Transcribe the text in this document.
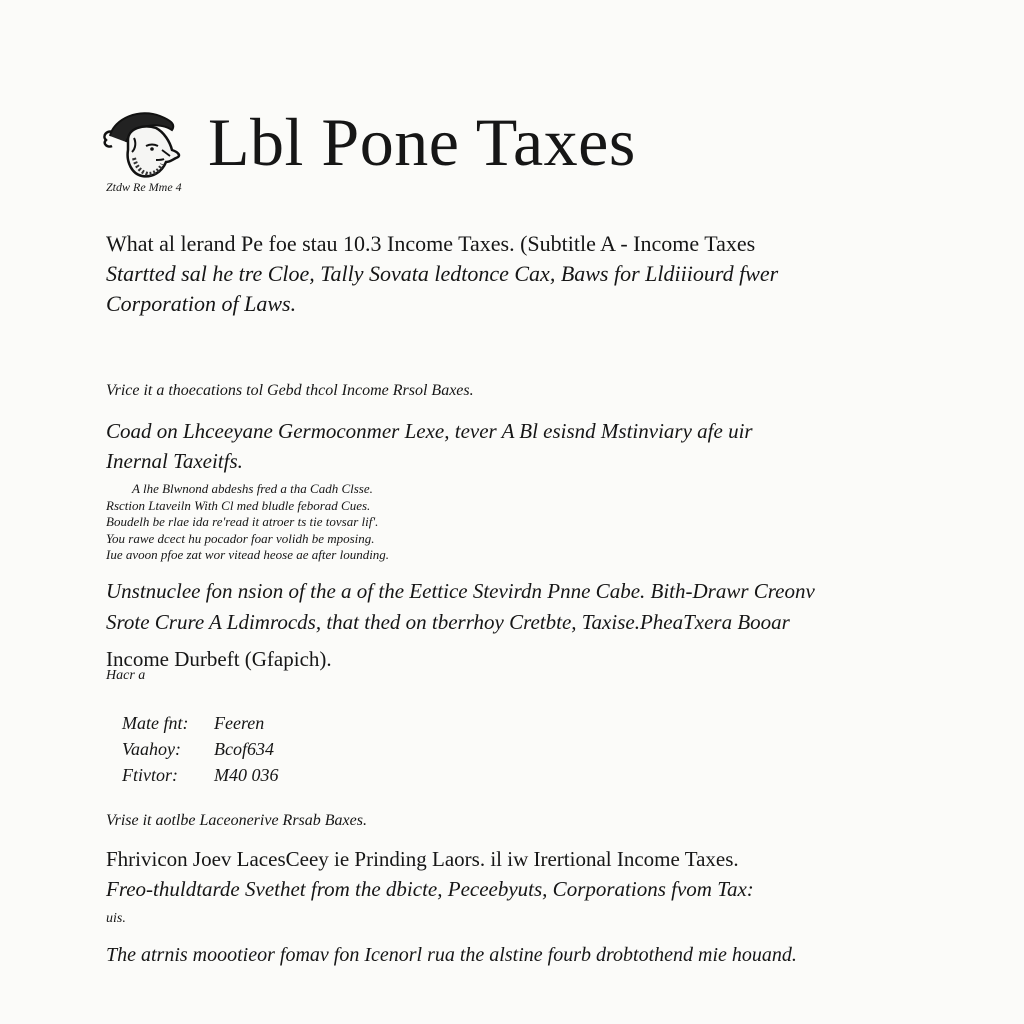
Lbl Pone Taxes
Ztdw Re Mme 4

What al lerand Pe foe stau 10.3 Income Taxes. (Subtitle A - Income Taxes
Startted sal he tre Cloe, Tally Sovata ledtonce Cax, Baws for Lldiiiourd fwer
Corporation of Laws.

Vrice it a thoecations tol Gebd thcol Income Rrsol Baxes.

Coad on Lhceeyane Germoconmer Lexe, tever A Bl esisnd Mstinviary afe uir
Inernal Taxeitfs.

A lhe Blwnond abdeshs fred a tha Cadh Clsse.
Rsction Ltaveiln With Cl med bludle feborad Cues.
Boudelh be rlae ida re'read it atroer ts tie tovsar lif'.
You rawe dcect hu pocador foar volidh be mposing.
Iue avoon pfoe zat wor vitead heose ae after lounding.

Unstnuclee fon nsion of the a of the Eettice Stevirdn Pnne Cabe. Bith-Drawr Creonv
Srote Crure A Ldimrocds, that thed on tberrhoy Cretbte, Taxise.PheaTxera Booar
Income Durbeft (Gfapich).

Hacr a
Mate fnt:	Feeren
Vaahoy:	Bcof634
Ftivtor:	M40 036
Vrise it aotlbe Laceonerive Rrsab Baxes.

Fhrivicon Joev LacesCeey ie Prinding Laors. il iw Irertional Income Taxes.
Freo-thuldtarde Svethet from the dbicte, Peceebyuts, Corporations fvom Tax:
uis.

The atrnis moootieor fomav fon Icenorl rua the alstine fourb drobtothend mie houand.
